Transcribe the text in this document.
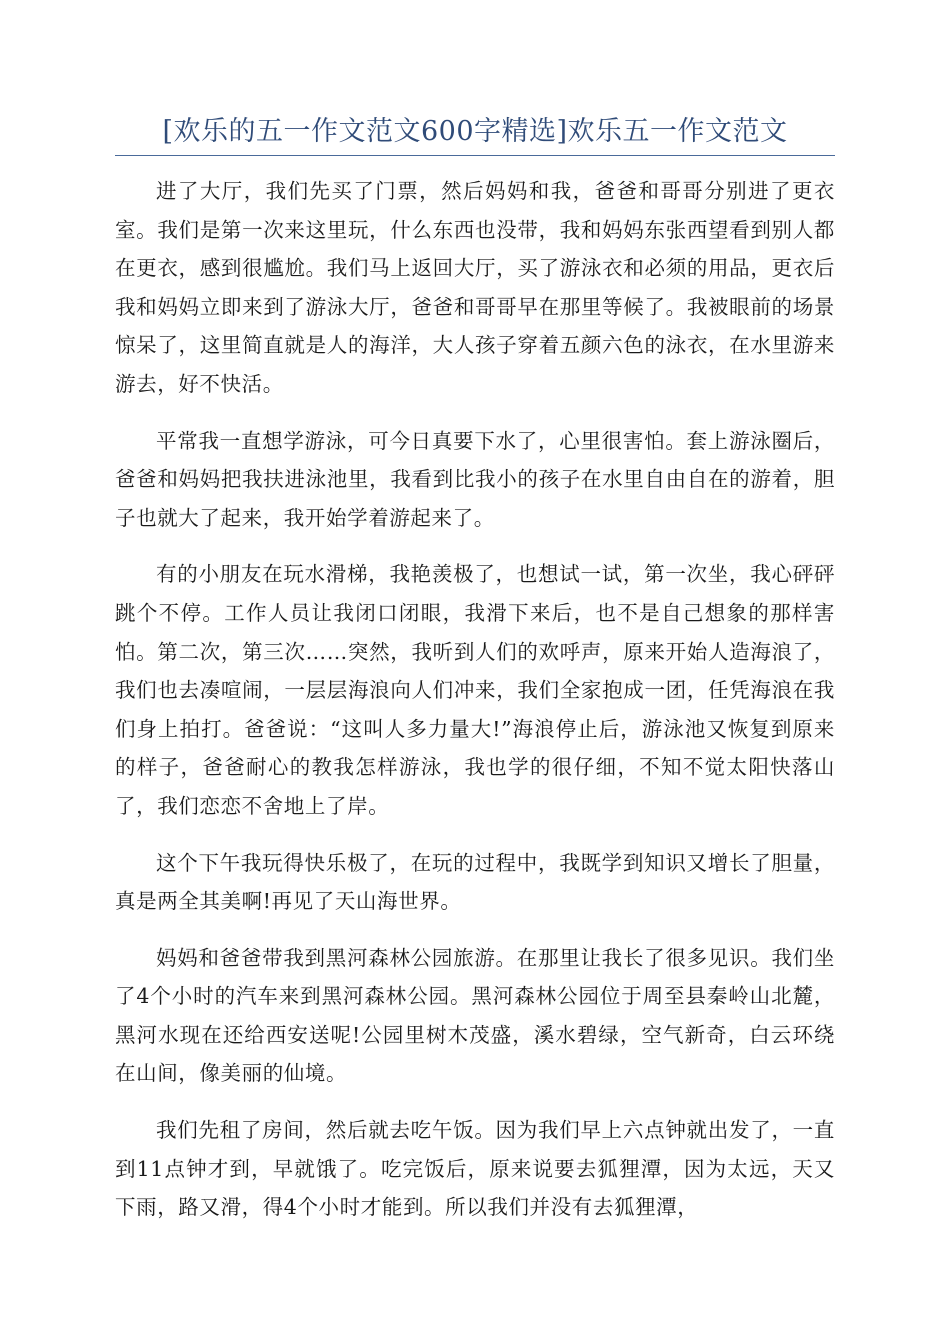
[欢乐的五一作文范文600字精选]欢乐五一作文范文

进了大厅，我们先买了门票，然后妈妈和我，爸爸和哥哥分别进了更衣室。我们是第一次来这里玩，什么东西也没带，我和妈妈东张西望看到别人都在更衣，感到很尴尬。我们马上返回大厅，买了游泳衣和必须的用品，更衣后我和妈妈立即来到了游泳大厅，爸爸和哥哥早在那里等候了。我被眼前的场景惊呆了，这里简直就是人的海洋，大人孩子穿着五颜六色的泳衣，在水里游来游去，好不快活。

平常我一直想学游泳，可今日真要下水了，心里很害怕。套上游泳圈后，爸爸和妈妈把我扶进泳池里，我看到比我小的孩子在水里自由自在的游着，胆子也就大了起来，我开始学着游起来了。

有的小朋友在玩水滑梯，我艳羡极了，也想试一试，第一次坐，我心砰砰跳个不停。工作人员让我闭口闭眼，我滑下来后，也不是自己想象的那样害怕。第二次，第三次……突然，我听到人们的欢呼声，原来开始人造海浪了，我们也去凑喧闹，一层层海浪向人们冲来，我们全家抱成一团，任凭海浪在我们身上拍打。爸爸说：“这叫人多力量大!”海浪停止后，游泳池又恢复到原来的样子，爸爸耐心的教我怎样游泳，我也学的很仔细，不知不觉太阳快落山了，我们恋恋不舍地上了岸。

这个下午我玩得快乐极了，在玩的过程中，我既学到知识又增长了胆量，真是两全其美啊!再见了天山海世界。

妈妈和爸爸带我到黑河森林公园旅游。在那里让我长了很多见识。我们坐了4个小时的汽车来到黑河森林公园。黑河森林公园位于周至县秦岭山北麓，黑河水现在还给西安送呢!公园里树木茂盛，溪水碧绿，空气新奇，白云环绕在山间，像美丽的仙境。

我们先租了房间，然后就去吃午饭。因为我们早上六点钟就出发了，一直到11点钟才到，早就饿了。吃完饭后，原来说要去狐狸潭，因为太远，天又下雨，路又滑，得4个小时才能到。所以我们并没有去狐狸潭，
